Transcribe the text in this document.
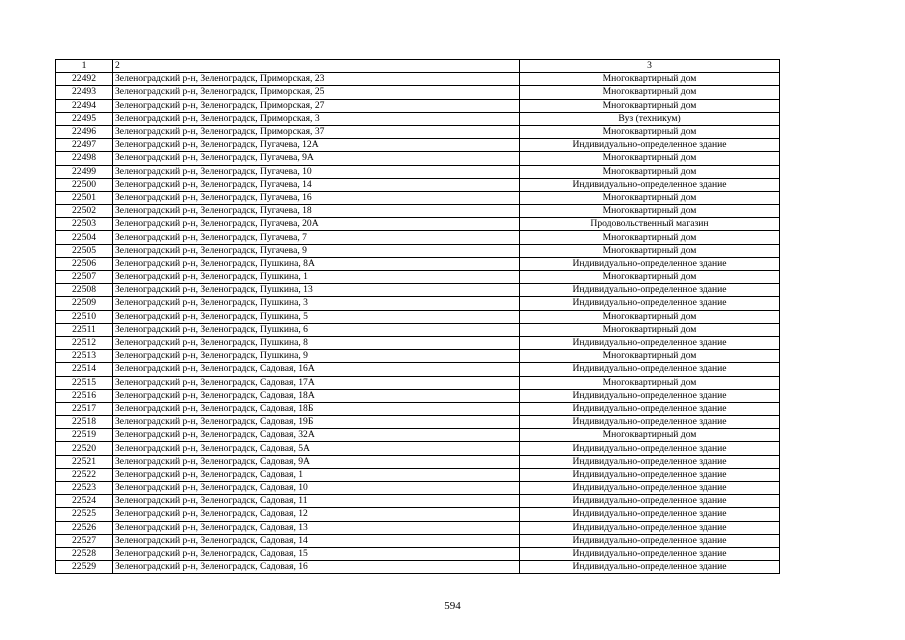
1	2	3
22492	Зеленоградский р-н, Зеленоградск, Приморская, 23	Многоквартирный дом
22493	Зеленоградский р-н, Зеленоградск, Приморская, 25	Многоквартирный дом
22494	Зеленоградский р-н, Зеленоградск, Приморская, 27	Многоквартирный дом
22495	Зеленоградский р-н, Зеленоградск, Приморская, 3	Вуз (техникум)
22496	Зеленоградский р-н, Зеленоградск, Приморская, 37	Многоквартирный дом
22497	Зеленоградский р-н, Зеленоградск, Пугачева, 12А	Индивидуально-определенное здание
22498	Зеленоградский р-н, Зеленоградск, Пугачева, 9А	Многоквартирный дом
22499	Зеленоградский р-н, Зеленоградск, Пугачева, 10	Многоквартирный дом
22500	Зеленоградский р-н, Зеленоградск, Пугачева, 14	Индивидуально-определенное здание
22501	Зеленоградский р-н, Зеленоградск, Пугачева, 16	Многоквартирный дом
22502	Зеленоградский р-н, Зеленоградск, Пугачева, 18	Многоквартирный дом
22503	Зеленоградский р-н, Зеленоградск, Пугачева, 20А	Продовольственный магазин
22504	Зеленоградский р-н, Зеленоградск, Пугачева, 7	Многоквартирный дом
22505	Зеленоградский р-н, Зеленоградск, Пугачева, 9	Многоквартирный дом
22506	Зеленоградский р-н, Зеленоградск, Пушкина, 8А	Индивидуально-определенное здание
22507	Зеленоградский р-н, Зеленоградск, Пушкина, 1	Многоквартирный дом
22508	Зеленоградский р-н, Зеленоградск, Пушкина, 13	Индивидуально-определенное здание
22509	Зеленоградский р-н, Зеленоградск, Пушкина, 3	Индивидуально-определенное здание
22510	Зеленоградский р-н, Зеленоградск, Пушкина, 5	Многоквартирный дом
22511	Зеленоградский р-н, Зеленоградск, Пушкина, 6	Многоквартирный дом
22512	Зеленоградский р-н, Зеленоградск, Пушкина, 8	Индивидуально-определенное здание
22513	Зеленоградский р-н, Зеленоградск, Пушкина, 9	Многоквартирный дом
22514	Зеленоградский р-н, Зеленоградск, Садовая, 16А	Индивидуально-определенное здание
22515	Зеленоградский р-н, Зеленоградск, Садовая, 17А	Многоквартирный дом
22516	Зеленоградский р-н, Зеленоградск, Садовая, 18А	Индивидуально-определенное здание
22517	Зеленоградский р-н, Зеленоградск, Садовая, 18Б	Индивидуально-определенное здание
22518	Зеленоградский р-н, Зеленоградск, Садовая, 19Б	Индивидуально-определенное здание
22519	Зеленоградский р-н, Зеленоградск, Садовая, 32А	Многоквартирный дом
22520	Зеленоградский р-н, Зеленоградск, Садовая, 5А	Индивидуально-определенное здание
22521	Зеленоградский р-н, Зеленоградск, Садовая, 9А	Индивидуально-определенное здание
22522	Зеленоградский р-н, Зеленоградск, Садовая, 1	Индивидуально-определенное здание
22523	Зеленоградский р-н, Зеленоградск, Садовая, 10	Индивидуально-определенное здание
22524	Зеленоградский р-н, Зеленоградск, Садовая, 11	Индивидуально-определенное здание
22525	Зеленоградский р-н, Зеленоградск, Садовая, 12	Индивидуально-определенное здание
22526	Зеленоградский р-н, Зеленоградск, Садовая, 13	Индивидуально-определенное здание
22527	Зеленоградский р-н, Зеленоградск, Садовая, 14	Индивидуально-определенное здание
22528	Зеленоградский р-н, Зеленоградск, Садовая, 15	Индивидуально-определенное здание
22529	Зеленоградский р-н, Зеленоградск, Садовая, 16	Индивидуально-определенное здание
594
